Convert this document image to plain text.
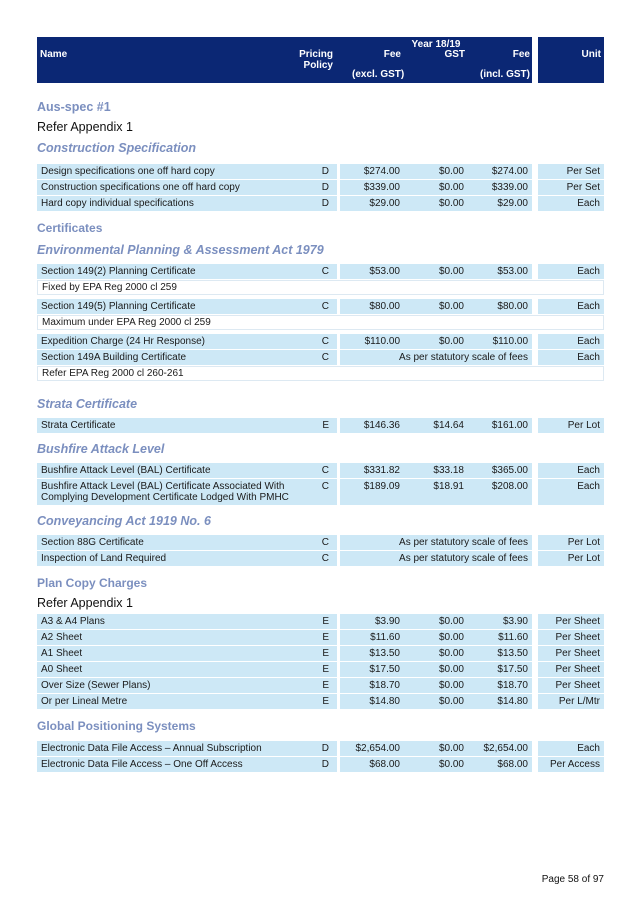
Name	Pricing Policy
Year 18/19
Fee	GST	Fee
(excl. GST)	(incl. GST)
Unit

Aus-spec #1

Refer Appendix 1

Construction Specification

Design specifications one off hard copy	D	$274.00	$0.00	$274.00	Per Set
Construction specifications one off hard copy	D	$339.00	$0.00	$339.00	Per Set
Hard copy individual specifications	D	$29.00	$0.00	$29.00	Each

Certificates

Environmental Planning & Assessment Act 1979

Section 149(2) Planning Certificate	C	$53.00	$0.00	$53.00	Each
Fixed by EPA Reg 2000 cl 259
Section 149(5) Planning Certificate	C	$80.00	$0.00	$80.00	Each
Maximum under EPA Reg 2000 cl 259
Expedition Charge (24 Hr Response)	C	$110.00	$0.00	$110.00	Each
Section 149A Building Certificate	C	As per statutory scale of fees	Each
Refer EPA Reg 2000 cl 260-261

Strata Certificate

Strata Certificate	E	$146.36	$14.64	$161.00	Per Lot

Bushfire Attack Level

Bushfire Attack Level (BAL) Certificate	C	$331.82	$33.18	$365.00	Each
Bushfire Attack Level (BAL) Certificate Associated With Complying Development Certificate Lodged With PMHC
C	$189.09	$18.91	$208.00	Each

Conveyancing Act 1919 No. 6

Section 88G Certificate	C	As per statutory scale of fees	Per Lot
Inspection of Land Required	C	As per statutory scale of fees	Per Lot

Plan Copy Charges

Refer Appendix 1

A3 & A4 Plans	E	$3.90	$0.00	$3.90	Per Sheet
A2 Sheet	E	$11.60	$0.00	$11.60	Per Sheet
A1 Sheet	E	$13.50	$0.00	$13.50	Per Sheet
A0 Sheet	E	$17.50	$0.00	$17.50	Per Sheet
Over Size (Sewer Plans)	E	$18.70	$0.00	$18.70	Per Sheet
Or per Lineal Metre	E	$14.80	$0.00	$14.80	Per L/Mtr

Global Positioning Systems

Electronic Data File Access – Annual Subscription	D	$2,654.00	$0.00	$2,654.00	Each
Electronic Data File Access – One Off Access	D	$68.00	$0.00	$68.00	Per Access
Page 58 of 97
